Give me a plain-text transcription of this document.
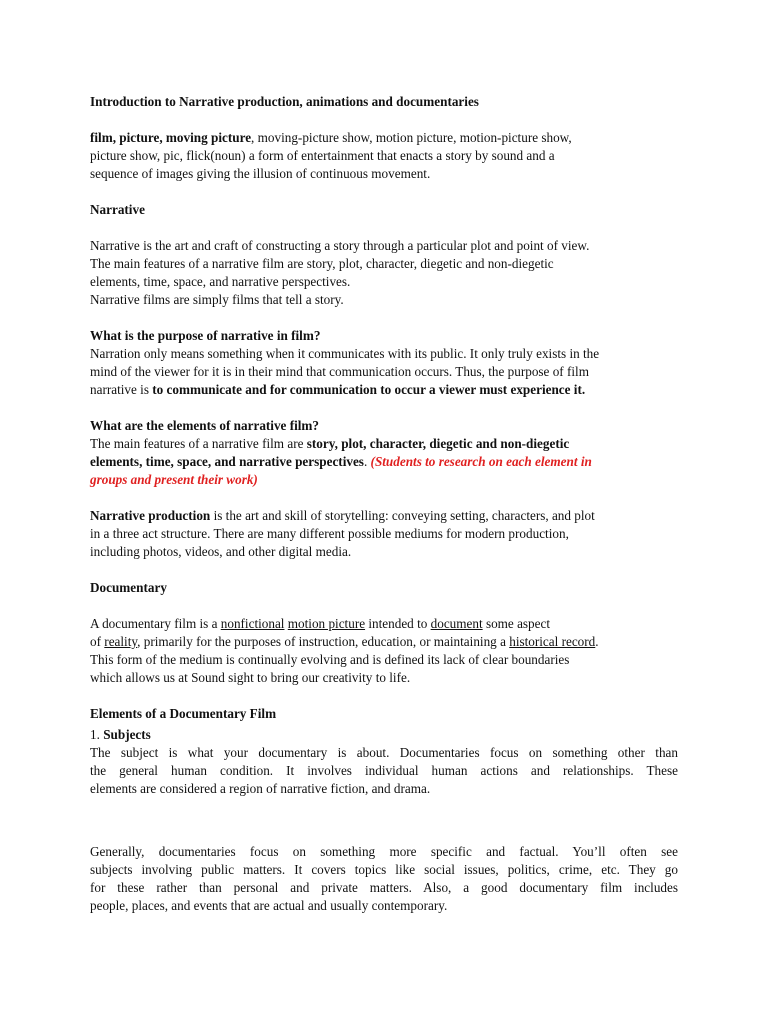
Introduction to Narrative production, animations and documentaries

film, picture, moving picture, moving-picture show, motion picture, motion-picture show,
picture show, pic, flick(noun) a form of entertainment that enacts a story by sound and a
sequence of images giving the illusion of continuous movement.

Narrative

Narrative is the art and craft of constructing a story through a particular plot and point of view.
The main features of a narrative film are story, plot, character, diegetic and non-diegetic
elements, time, space, and narrative perspectives.
Narrative films are simply films that tell a story.

What is the purpose of narrative in film?

Narration only means something when it communicates with its public. It only truly exists in the
mind of the viewer for it is in their mind that communication occurs. Thus, the purpose of film
narrative is to communicate and for communication to occur a viewer must experience it.

What are the elements of narrative film?

The main features of a narrative film are story, plot, character, diegetic and non-diegetic
elements, time, space, and narrative perspectives. (Students to research on each element in
groups and present their work)
Narrative production is the art and skill of storytelling: conveying setting, characters, and plot
in a three act structure. There are many different possible mediums for modern production,
including photos, videos, and other digital media.

Documentary

A documentary film is a nonfictional motion picture intended to document some aspect
of reality, primarily for the purposes of instruction, education, or maintaining a historical record.
This form of the medium is continually evolving and is defined its lack of clear boundaries
which allows us at Sound sight to bring our creativity to life.

Elements of a Documentary Film

1. Subjects

The subject is what your documentary is about. Documentaries focus on something other than
the general human condition. It involves individual human actions and relationships. These
elements are considered a region of narrative fiction, and drama.
Generally, documentaries focus on something more specific and factual. You’ll often see
subjects involving public matters. It covers topics like social issues, politics, crime, etc. They go
for these rather than personal and private matters. Also, a good documentary film includes
people, places, and events that are actual and usually contemporary.
